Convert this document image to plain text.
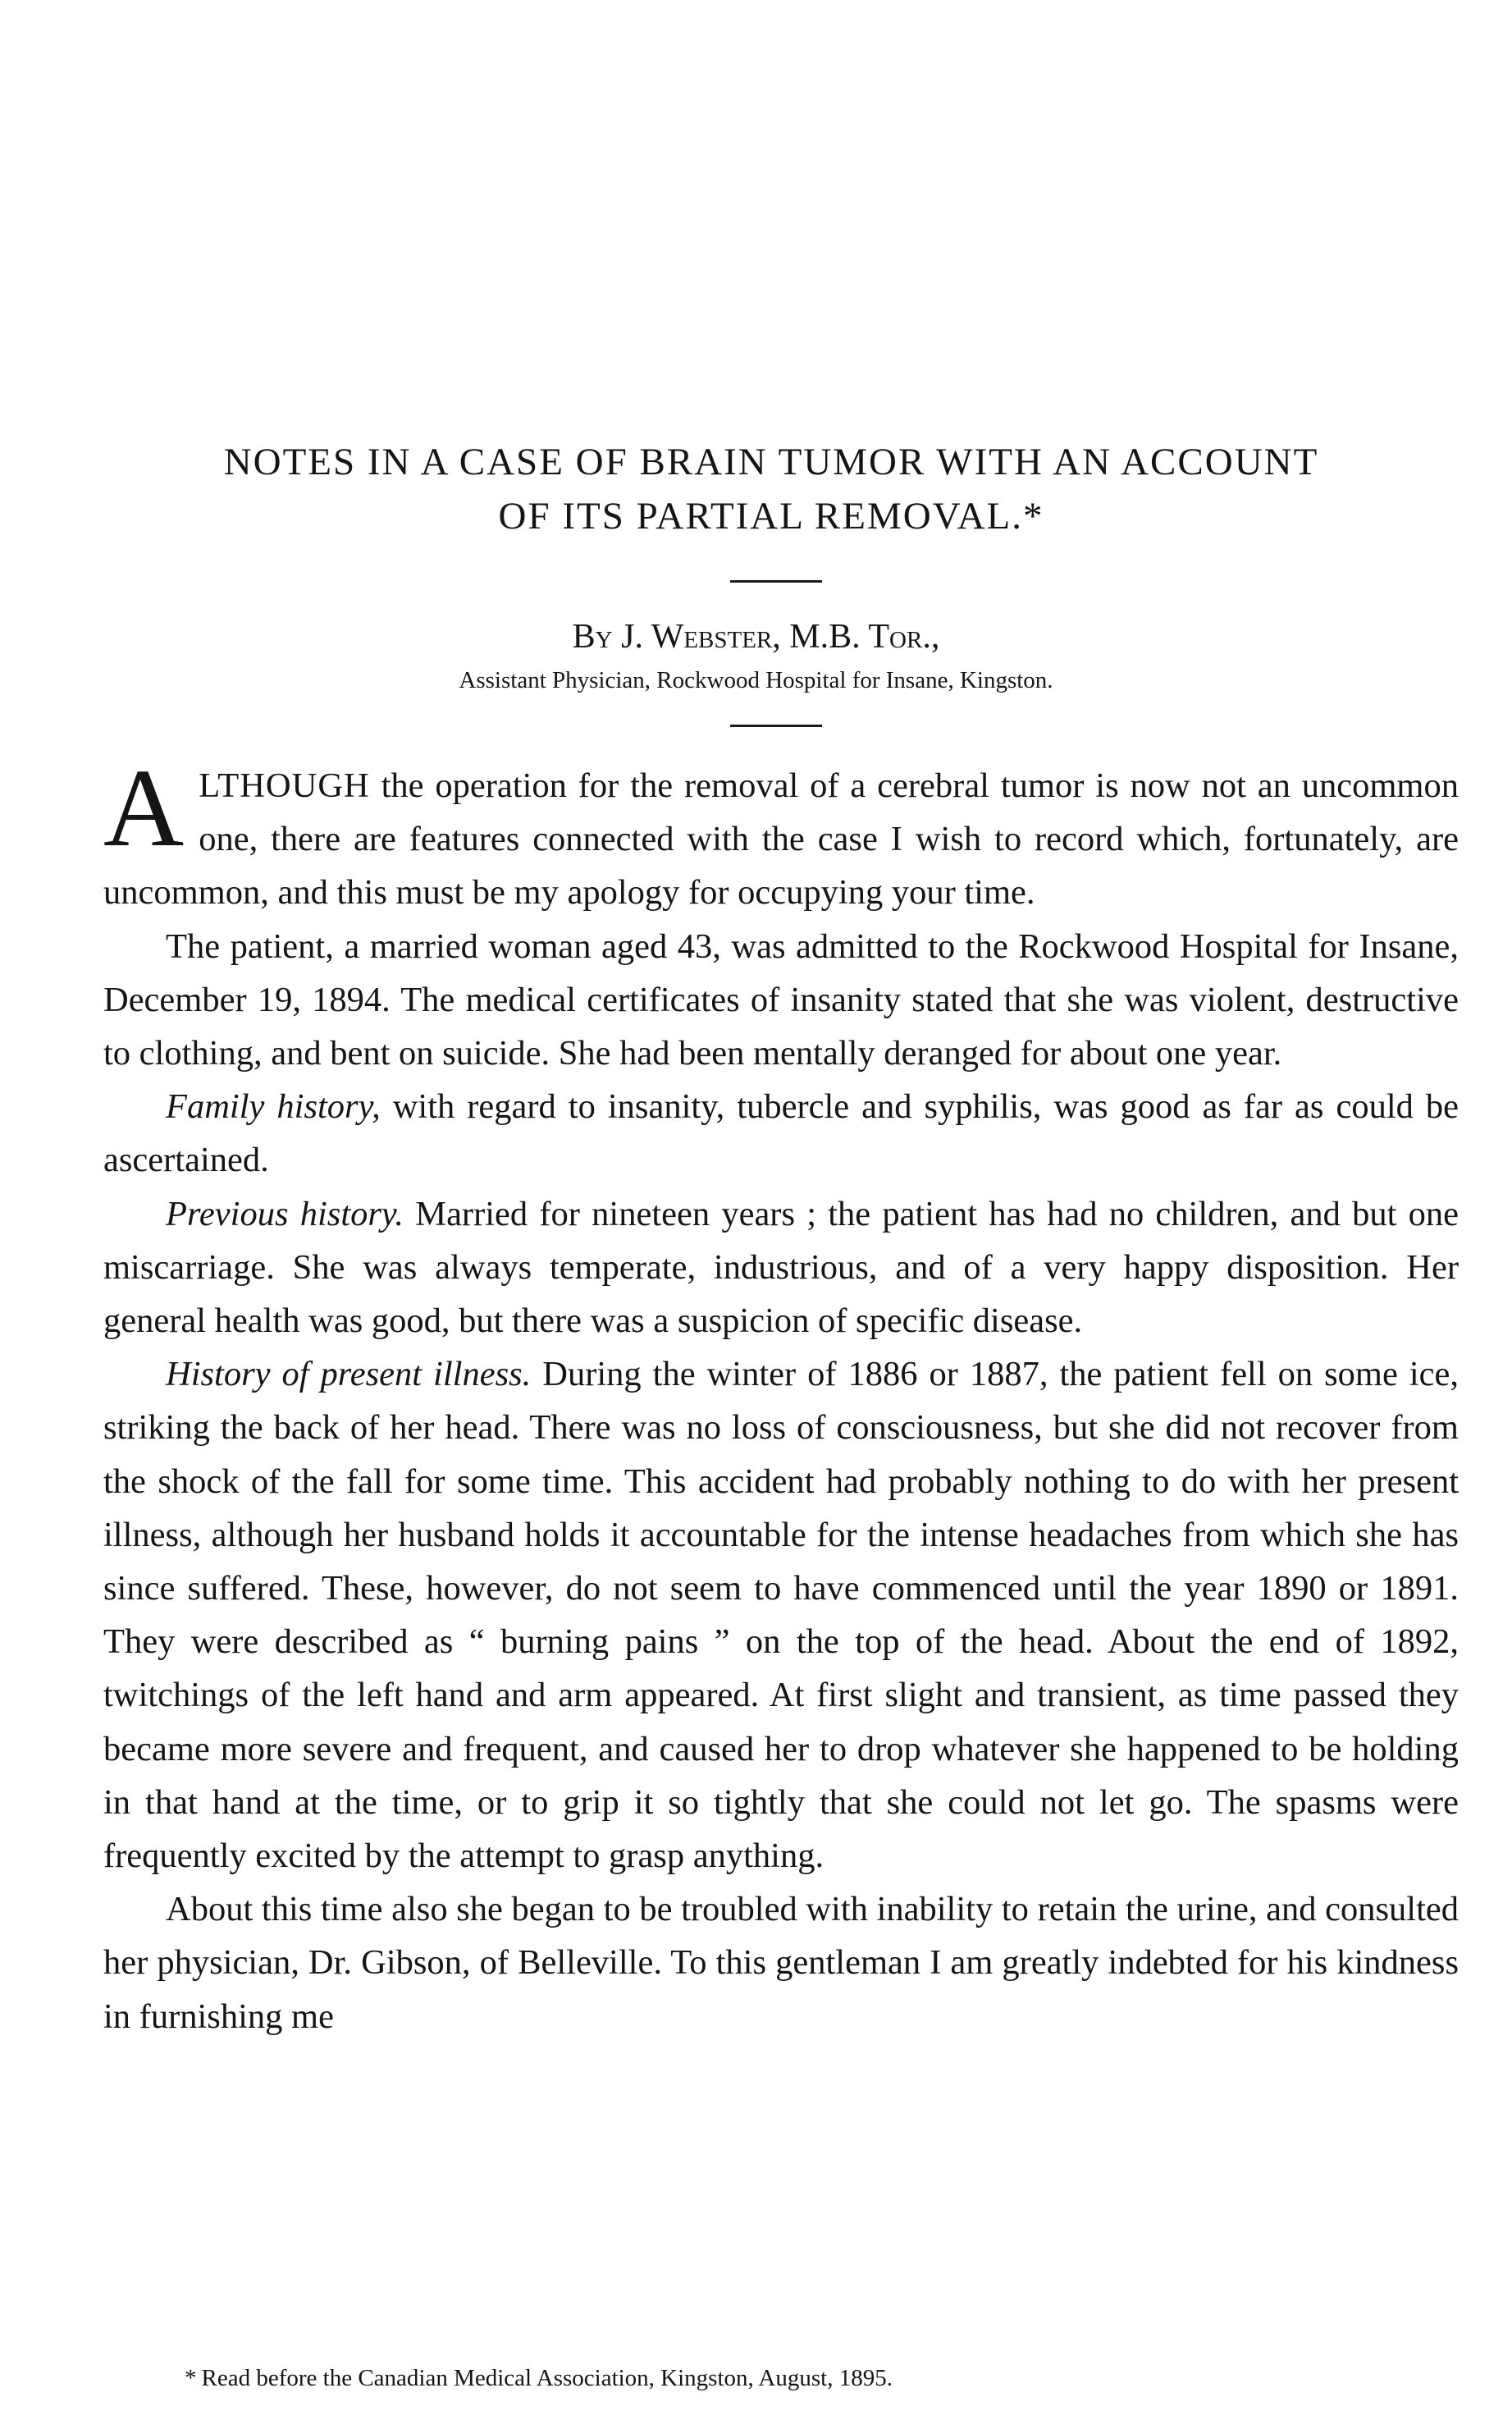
NOTES IN A CASE OF BRAIN TUMOR WITH AN ACCOUNT
OF ITS PARTIAL REMOVAL.*
By J. Webster, M.B. Tor.,

Assistant Physician, Rockwood Hospital for Insane, Kingston.

ALTHOUGH the operation for the removal of a cerebral tumor is now not an uncommon one, there are features connected with the case I wish to record which, fortunately, are uncommon, and this must be my apology for occupying your time.

The patient, a married woman aged 43, was admitted to the Rockwood Hospital for Insane, December 19, 1894. The medical certificates of insanity stated that she was violent, destructive to clothing, and bent on suicide. She had been mentally deranged for about one year.

Family history, with regard to insanity, tubercle and syphilis, was good as far as could be ascertained.

Previous history. Married for nineteen years ; the patient has had no children, and but one miscarriage. She was always temperate, industrious, and of a very happy disposition. Her general health was good, but there was a suspicion of specific disease.

History of present illness. During the winter of 1886 or 1887, the patient fell on some ice, striking the back of her head. There was no loss of consciousness, but she did not recover from the shock of the fall for some time. This accident had probably nothing to do with her present illness, although her husband holds it accountable for the intense headaches from which she has since suffered. These, however, do not seem to have commenced until the year 1890 or 1891. They were described as “ burning pains ” on the top of the head. About the end of 1892, twitchings of the left hand and arm appeared. At first slight and transient, as time passed they became more severe and frequent, and caused her to drop whatever she happened to be holding in that hand at the time, or to grip it so tightly that she could not let go. The spasms were frequently excited by the attempt to grasp anything.

About this time also she began to be troubled with inability to retain the urine, and consulted her physician, Dr. Gibson, of Belleville. To this gentleman I am greatly indebted for his kindness in furnishing me

* Read before the Canadian Medical Association, Kingston, August, 1895.
